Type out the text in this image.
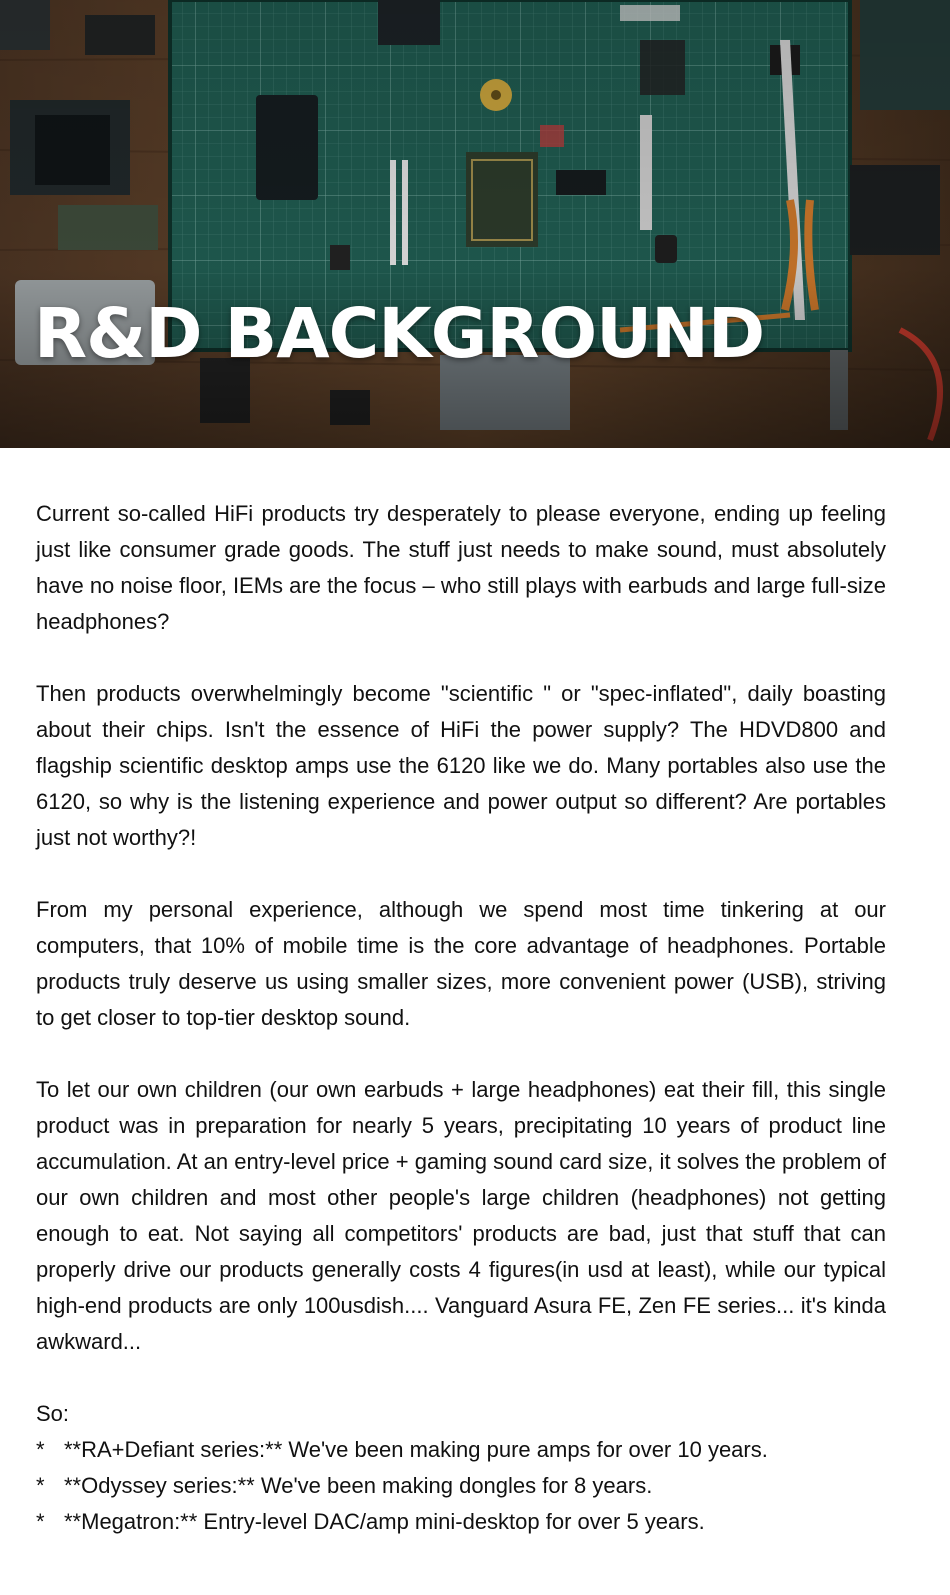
R&D BACKGROUND

Current so-called HiFi products try desperately to please everyone, ending up feeling just like consumer grade goods. The stuff just needs to make sound, must absolutely have no noise floor, IEMs are the focus – who still plays with earbuds and large full-size headphones?

Then products overwhelmingly become "scientific " or "spec-inflated", daily boasting about their chips. Isn't the essence of HiFi the power supply? The HDVD800 and flagship scientific desktop amps use the 6120 like we do. Many portables also use the 6120, so why is the listening experience and power output so different? Are portables just not worthy?!

From my personal experience, although we spend most time tinkering at our computers, that 10% of mobile time is the core advantage of headphones. Portable products truly deserve us using smaller sizes, more convenient power (USB), striving to get closer to top-tier desktop sound.

To let our own children (our own earbuds + large headphones) eat their fill, this single product was in preparation for nearly 5 years, precipitating 10 years of product line accumulation. At an entry-level price + gaming sound card size, it solves the problem of our own children and most other people's large children (headphones) not getting enough to eat. Not saying all competitors' products are bad, just that stuff that can properly drive our products generally costs 4 figures(in usd at least), while our typical high-end products are only 100usdish.... Vanguard Asura FE, Zen FE series... it's kinda awkward...

So:

* **RA+Defiant series:** We've been making pure amps for over 10 years.
* **Odyssey series:** We've been making dongles for 8 years.
* **Megatron:** Entry-level DAC/amp mini-desktop for over 5 years.
